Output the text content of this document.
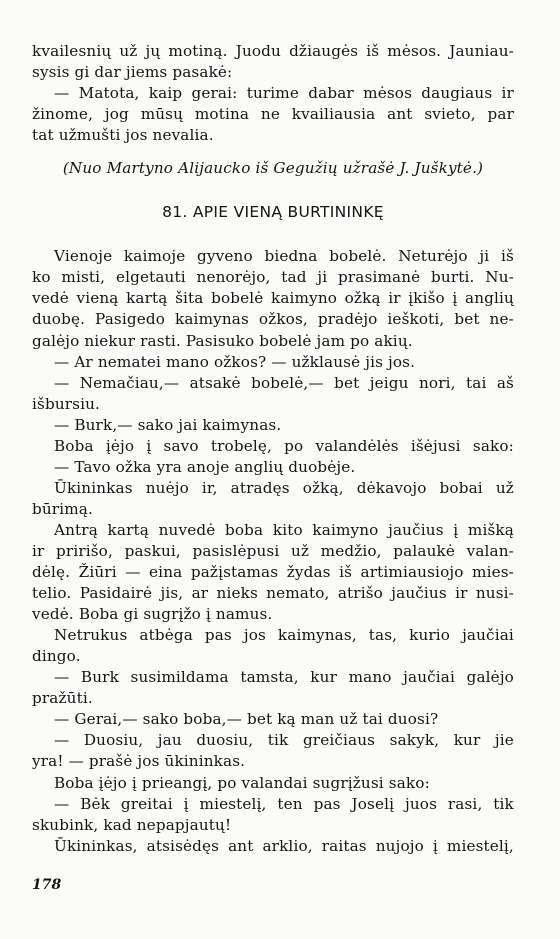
kvailesnių už jų motiną. Juodu džiaugės iš mėsos. Jauniau-
sysis gi dar jiems pasakė:
— Matota, kaip gerai: turime dabar mėsos daugiaus ir
žinome, jog mūsų motina ne kvailiausia ant svieto, par
tat užmušti jos nevalia.
(Nuo Martyno Alijaucko iš Gegužių užrašė J. Juškytė.)
81. APIE VIENĄ BURTININKĘ
Vienoje kaimoje gyveno biedna bobelė. Neturėjo ji iš
ko misti, elgetauti nenorėjo, tad ji prasimanė burti. Nu-
vedė vieną kartą šita bobelė kaimyno ožką ir įkišo į anglių
duobę. Pasigedo kaimynas ožkos, pradėjo ieškoti, bet ne-
galėjo niekur rasti. Pasisuko bobelė jam po akių.
— Ar nematei mano ožkos? — užklausė jis jos.
— Nemačiau,— atsakė bobelė,— bet jeigu nori, tai aš
išbursiu.
— Burk,— sako jai kaimynas.
Boba įėjo į savo trobelę, po valandėlės išėjusi sako:
— Tavo ožka yra anoje anglių duobėje.
Ūkininkas nuėjo ir, atradęs ožką, dėkavojo bobai už
būrimą.
Antrą kartą nuvedė boba kito kaimyno jaučius į mišką
ir pririšo, paskui, pasislėpusi už medžio, palaukė valan-
dėlę. Žiūri — eina pažįstamas žydas iš artimiausiojo mies-
telio. Pasidairė jis, ar nieks nemato, atrišo jaučius ir nusi-
vedė. Boba gi sugrįžo į namus.
Netrukus atbėga pas jos kaimynas, tas, kurio jaučiai
dingo.
— Burk susimildama tamsta, kur mano jaučiai galėjo
pražūti.
— Gerai,— sako boba,— bet ką man už tai duosi?
— Duosiu, jau duosiu, tik greičiaus sakyk, kur jie
yra! — prašė jos ūkininkas.
Boba įėjo į prieangį, po valandai sugrįžusi sako:
— Bėk greitai į miestelį, ten pas Joselį juos rasi, tik
skubink, kad nepapjautų!
Ūkininkas, atsisėdęs ant arklio, raitas nujojo į miestelį,
178
